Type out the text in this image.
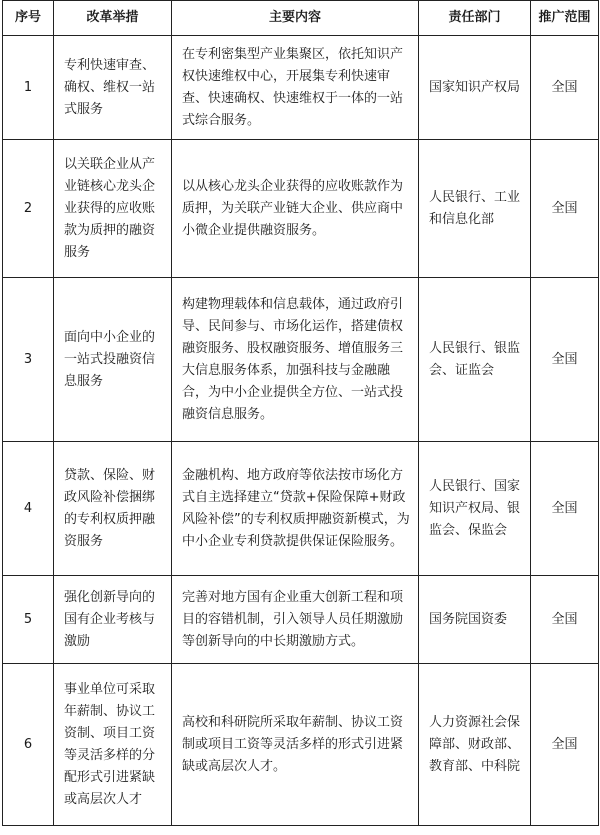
序号	改革举措	主要内容	责任部门	推广范围
1	专利快速审查、确权、维权一站式服务	在专利密集型产业集聚区，依托知识产权快速维权中心，开展集专利快速审查、快速确权、快速维权于一体的一站式综合服务。	国家知识产权局	全国
2	以关联企业从产业链核心龙头企业获得的应收账款为质押的融资服务	以从核心龙头企业获得的应收账款作为质押，为关联产业链大企业、供应商中小微企业提供融资服务。	人民银行、工业和信息化部	全国
3	面向中小企业的一站式投融资信息服务	构建物理载体和信息载体，通过政府引导、民间参与、市场化运作，搭建债权融资服务、股权融资服务、增值服务三大信息服务体系，加强科技与金融融合，为中小企业提供全方位、一站式投融资信息服务。	人民银行、银监会、证监会	全国
4	贷款、保险、财政风险补偿捆绑的专利权质押融资服务	金融机构、地方政府等依法按市场化方式自主选择建立“贷款+保险保障+财政风险补偿”的专利权质押融资新模式，为中小企业专利贷款提供保证保险服务。	人民银行、国家知识产权局、银监会、保监会	全国
5	强化创新导向的国有企业考核与激励	完善对地方国有企业重大创新工程和项目的容错机制，引入领导人员任期激励等创新导向的中长期激励方式。	国务院国资委	全国
6	事业单位可采取年薪制、协议工资制、项目工资等灵活多样的分配形式引进紧缺或高层次人才	高校和科研院所采取年薪制、协议工资制或项目工资等灵活多样的形式引进紧缺或高层次人才。	人力资源社会保障部、财政部、教育部、中科院	全国
